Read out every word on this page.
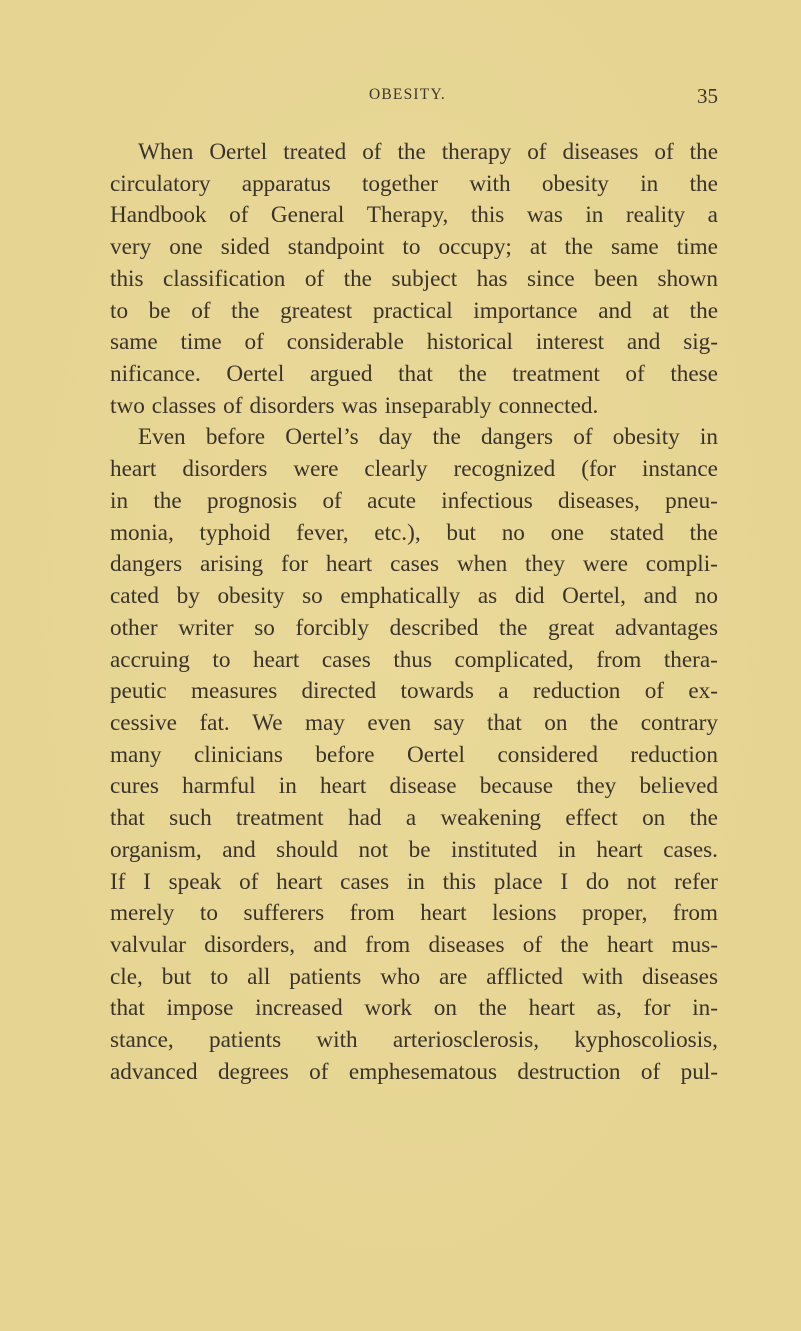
OBESITY.	35
When Oertel treated of the therapy of diseases of the
circulatory apparatus together with obesity in the
Handbook of General Therapy, this was in reality a
very one sided standpoint to occupy; at the same time
this classification of the subject has since been shown
to be of the greatest practical importance and at the
same time of considerable historical interest and sig-
nificance. Oertel argued that the treatment of these
two classes of disorders was inseparably connected.
Even before Oertel’s day the dangers of obesity in
heart disorders were clearly recognized (for instance
in the prognosis of acute infectious diseases, pneu-
monia, typhoid fever, etc.), but no one stated the
dangers arising for heart cases when they were compli-
cated by obesity so emphatically as did Oertel, and no
other writer so forcibly described the great advantages
accruing to heart cases thus complicated, from thera-
peutic measures directed towards a reduction of ex-
cessive fat. We may even say that on the contrary
many clinicians before Oertel considered reduction
cures harmful in heart disease because they believed
that such treatment had a weakening effect on the
organism, and should not be instituted in heart cases.
If I speak of heart cases in this place I do not refer
merely to sufferers from heart lesions proper, from
valvular disorders, and from diseases of the heart mus-
cle, but to all patients who are afflicted with diseases
that impose increased work on the heart as, for in-
stance, patients with arteriosclerosis, kyphoscoliosis,
advanced degrees of emphesematous destruction of pul-
